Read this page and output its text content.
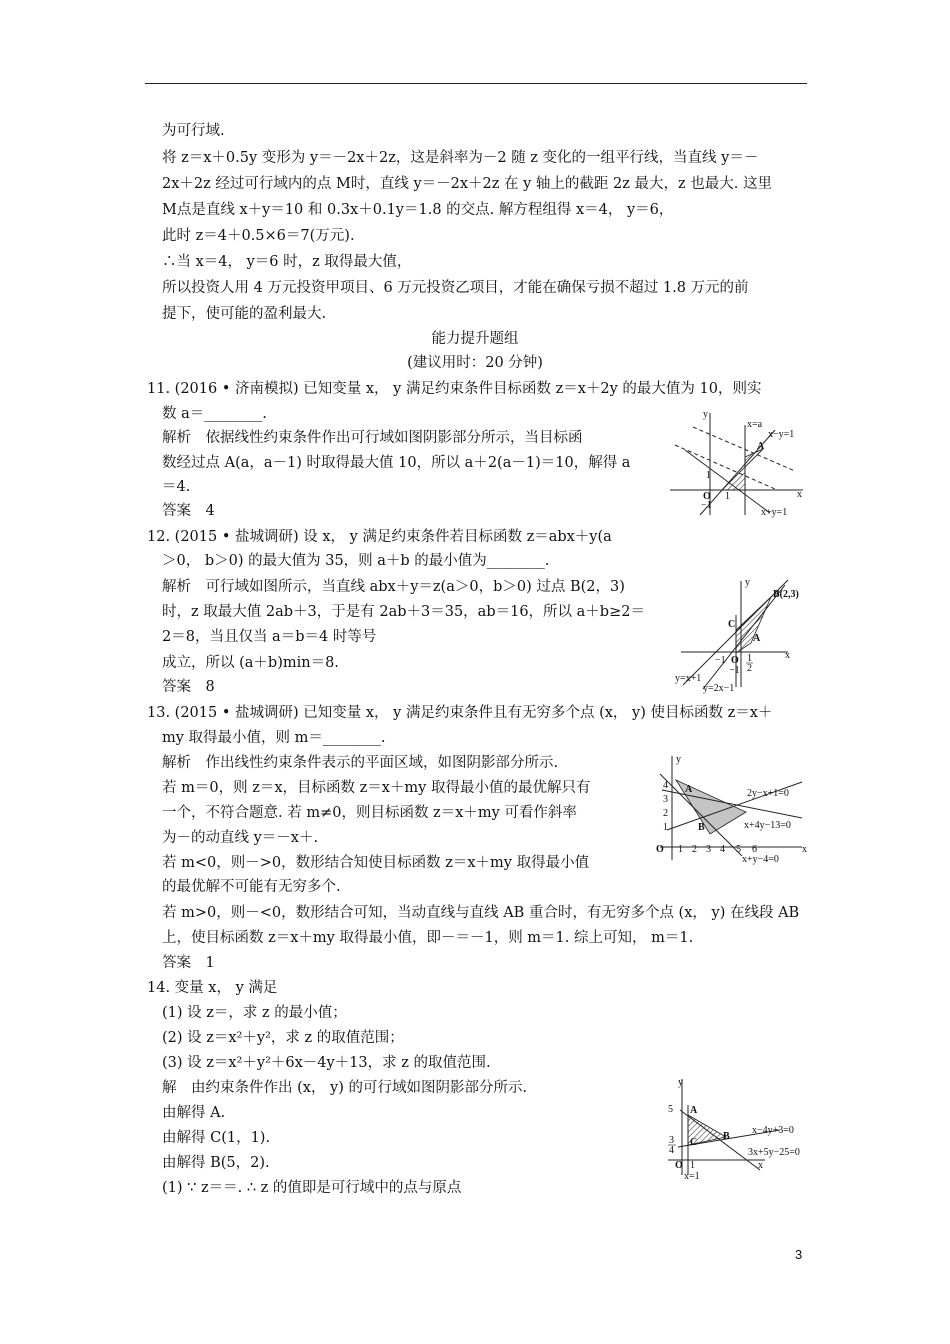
为可行域.
将 z＝x＋0.5y 变形为 y＝－2x＋2z，这是斜率为－2 随 z 变化的一组平行线，当直线 y＝－
2x＋2z 经过可行域内的点 M时，直线 y＝－2x＋2z 在 y 轴上的截距 2z 最大，z 也最大. 这里
M点是直线 x＋y＝10 和 0.3x＋0.1y＝1.8 的交点. 解方程组得 x＝4， y＝6，
此时 z＝4＋0.5×6＝7(万元).
∴当 x＝4， y＝6 时，z 取得最大值，
所以投资人用 4 万元投资甲项目、6 万元投资乙项目，才能在确保亏损不超过 1.8 万元的前
提下，使可能的盈利最大.
能力提升题组
(建议用时：20 分钟)
11. (2016 • 济南模拟) 已知变量 x， y 满足约束条件目标函数 z＝x＋2y 的最大值为 10，则实
数 a＝________.
解析　依据线性约束条件作出可行域如图阴影部分所示，当目标函
数经过点 A(a，a－1) 时取得最大值 10，所以 a＋2(a－1)＝10，解得 a
＝4.
答案　4
12. (2015 • 盐城调研) 设 x， y 满足约束条件若目标函数 z＝abx＋y(a
＞0， b＞0) 的最大值为 35，则 a＋b 的最小值为________.
解析　可行域如图所示，当直线 abx＋y＝z(a＞0，b＞0) 过点 B(2，3)
时，z 取最大值 2ab＋3，于是有 2ab＋3＝35，ab＝16，所以 a＋b≥2＝
2＝8，当且仅当 a＝b＝4 时等号
成立，所以 (a＋b)min＝8.
答案　8
13. (2015 • 盐城调研) 已知变量 x， y 满足约束条件且有无穷多个点 (x， y) 使目标函数 z＝x＋
my 取得最小值，则 m＝________.
解析　作出线性约束条件表示的平面区域，如图阴影部分所示.
若 m＝0，则 z＝x，目标函数 z＝x＋my 取得最小值的最优解只有
一个，不符合题意. 若 m≠0，则目标函数 z＝x＋my 可看作斜率
为－的动直线 y＝－x＋.
若 m<0，则－>0，数形结合知使目标函数 z＝x＋my 取得最小值
的最优解不可能有无穷多个.
若 m>0，则－<0，数形结合可知，当动直线与直线 AB 重合时，有无穷多个点 (x， y) 在线段 AB
上，使目标函数 z＝x＋my 取得最小值，即－＝－1，则 m＝1. 综上可知， m＝1.
答案　1
14. 变量 x， y 满足
(1) 设 z＝，求 z 的最小值；
(2) 设 z＝x²＋y²，求 z 的取值范围；
(3) 设 z＝x²＋y²＋6x－4y＋13，求 z 的取值范围.
解　由约束条件作出 (x， y) 的可行域如图阴影部分所示.
由解得 A.
由解得 C(1，1).
由解得 B(5，2).
(1) ∵ z＝＝. ∴ z 的值即是可行域中的点与原点
y
x
x=a
x−y=1
A
1
O 1
−1
x+y=1
y
x
B(2,3)
C
A
−1 O 1
2
−1
y=x+1
y=2x−1
y
x
4
3
2
1
A
B
O 1 2 3 4 5 6
2y−x+1=0
x+4y−13=0
x+y−4=0
y
x
5 A
B
C
3
4
O 1
x−4y+3=0
3x+5y−25=0
x=1
3
